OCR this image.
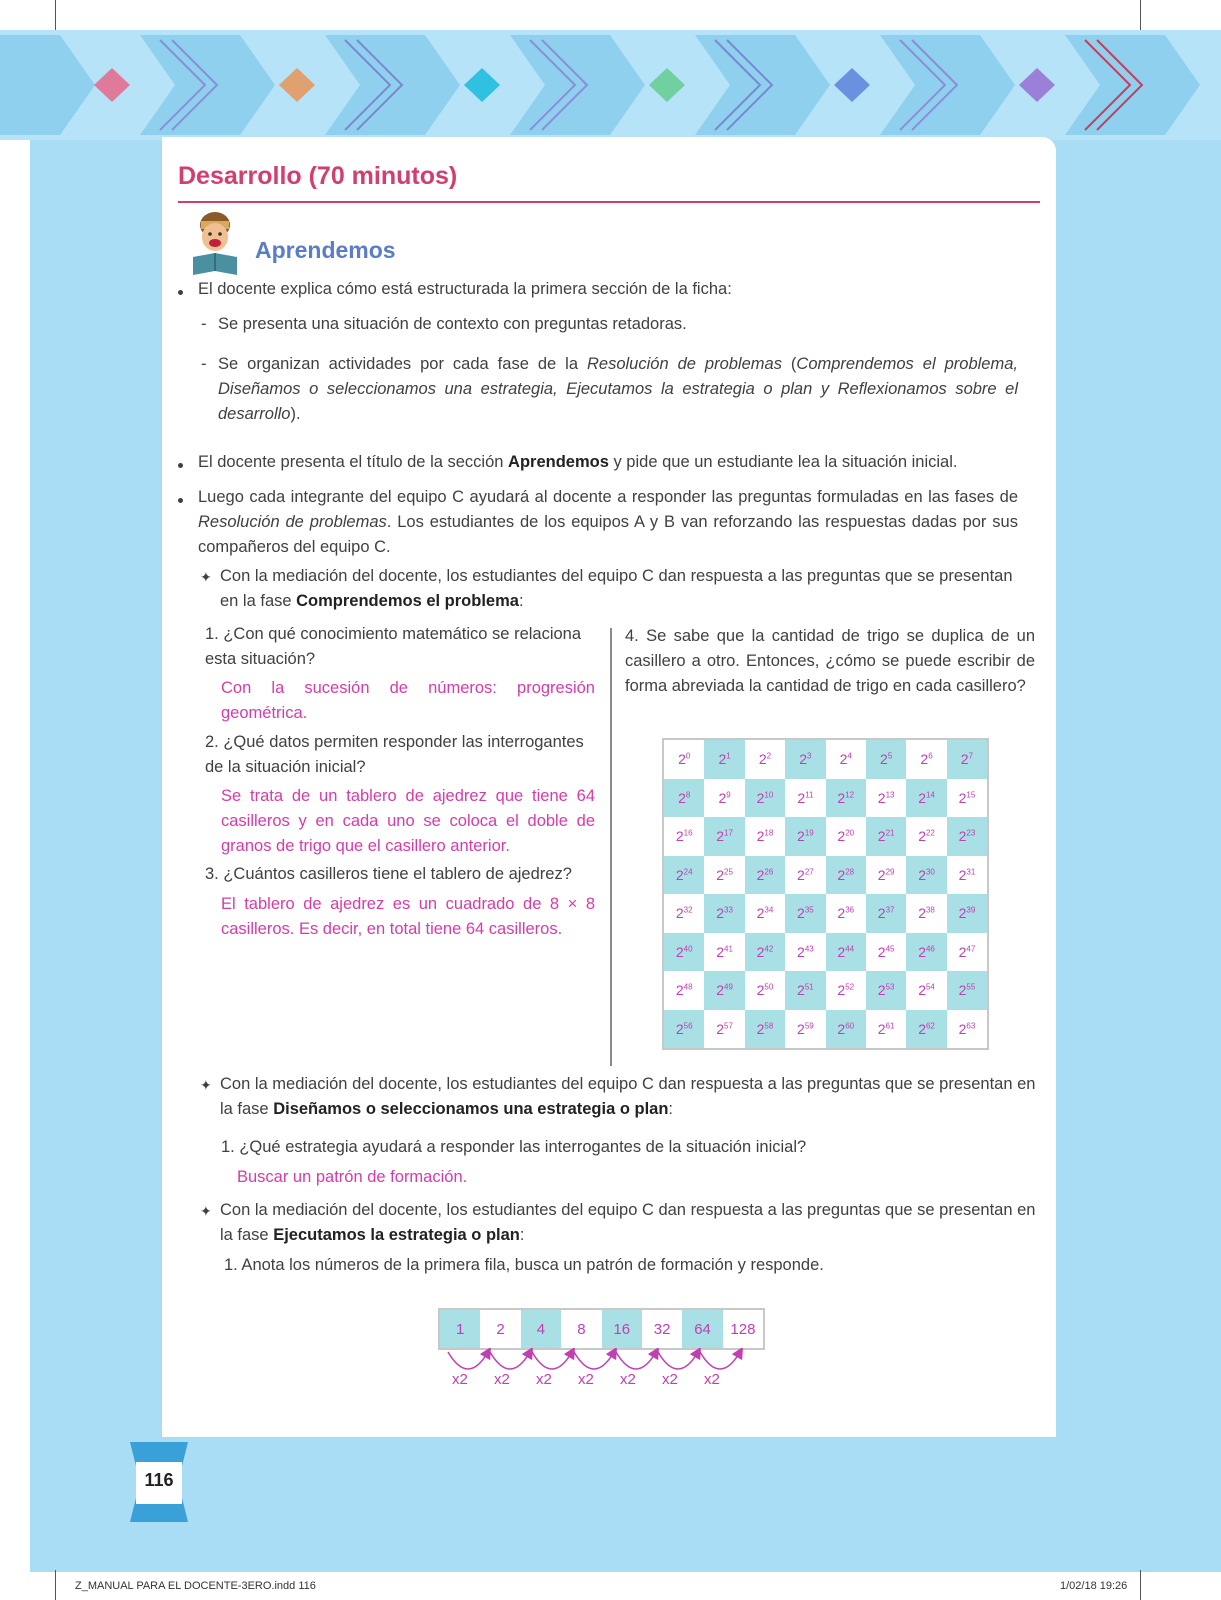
Desarrollo (70 minutos)
Aprendemos
El docente explica cómo está estructurada la primera sección de la ficha:
- Se presenta una situación de contexto con preguntas retadoras.
- Se organizan actividades por cada fase de la Resolución de problemas (Comprendemos el problema, Diseñamos o seleccionamos una estrategia, Ejecutamos la estrategia o plan y Reflexionamos sobre el desarrollo).
El docente presenta el título de la sección Aprendemos y pide que un estudiante lea la situación inicial.
Luego cada integrante del equipo C ayudará al docente a responder las preguntas formuladas en las fases de Resolución de problemas. Los estudiantes de los equipos A y B van reforzando las respuestas dadas por sus compañeros del equipo C.
✦ Con la mediación del docente, los estudiantes del equipo C dan respuesta a las preguntas que se presentan en la fase Comprendemos el problema:
1. ¿Con qué conocimiento matemático se relaciona esta situación?
Con la sucesión de números: progresión geométrica.
2. ¿Qué datos permiten responder las interrogantes de la situación inicial?
Se trata de un tablero de ajedrez que tiene 64 casilleros y en cada uno se coloca el doble de granos de trigo que el casillero anterior.
3. ¿Cuántos casilleros tiene el tablero de ajedrez?
El tablero de ajedrez es un cuadrado de 8 × 8 casilleros. Es decir, en total tiene 64 casilleros.
4. Se sabe que la cantidad de trigo se duplica de un casillero a otro. Entonces, ¿cómo se puede escribir de forma abreviada la cantidad de trigo en cada casillero?
$2^0$	$2^1$	$2^2$	$2^3$	$2^4$	$2^5$	$2^6$	$2^7$
$2^8$	$2^9$	$2^{10}$	$2^{11}$	$2^{12}$	$2^{13}$	$2^{14}$	$2^{15}$
$2^{16}$	$2^{17}$	$2^{18}$	$2^{19}$	$2^{20}$	$2^{21}$	$2^{22}$	$2^{23}$
$2^{24}$	$2^{25}$	$2^{26}$	$2^{27}$	$2^{28}$	$2^{29}$	$2^{30}$	$2^{31}$
$2^{32}$	$2^{33}$	$2^{34}$	$2^{35}$	$2^{36}$	$2^{37}$	$2^{38}$	$2^{39}$
$2^{40}$	$2^{41}$	$2^{42}$	$2^{43}$	$2^{44}$	$2^{45}$	$2^{46}$	$2^{47}$
$2^{48}$	$2^{49}$	$2^{50}$	$2^{51}$	$2^{52}$	$2^{53}$	$2^{54}$	$2^{55}$
$2^{56}$	$2^{57}$	$2^{58}$	$2^{59}$	$2^{60}$	$2^{61}$	$2^{62}$	$2^{63}$
✦ Con la mediación del docente, los estudiantes del equipo C dan respuesta a las preguntas que se presentan en la fase Diseñamos o seleccionamos una estrategia o plan:
1. ¿Qué estrategia ayudará a responder las interrogantes de la situación inicial?
Buscar un patrón de formación.
✦ Con la mediación del docente, los estudiantes del equipo C dan respuesta a las preguntas que se presentan en la fase Ejecutamos la estrategia o plan:
1. Anota los números de la primera fila, busca un patrón de formación y responde.
1	2	4	8	16	32	64	128
x2 x2 x2 x2 x2 x2 x2
116
Z_MANUAL PARA EL DOCENTE-3ERO.indd 116	1/02/18 19:26
